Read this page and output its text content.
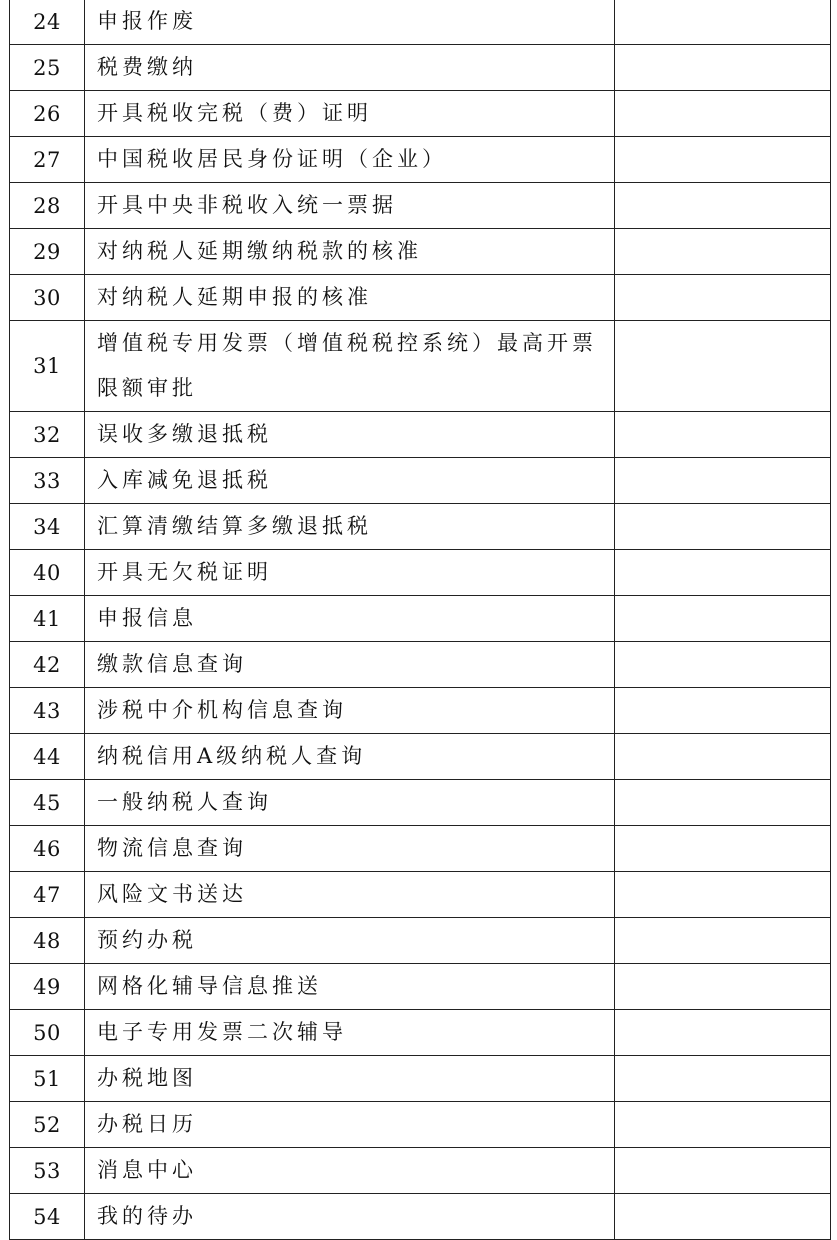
24	申报作废	
25	税费缴纳	
26	开具税收完税（费）证明	
27	中国税收居民身份证明（企业）	
28	开具中央非税收入统一票据	
29	对纳税人延期缴纳税款的核准	
30	对纳税人延期申报的核准	
31	增值税专用发票（增值税税控系统）最高开票限额审批	
32	误收多缴退抵税	
33	入库减免退抵税	
34	汇算清缴结算多缴退抵税	
40	开具无欠税证明	
41	申报信息	
42	缴款信息查询	
43	涉税中介机构信息查询	
44	纳税信用A级纳税人查询	
45	一般纳税人查询	
46	物流信息查询	
47	风险文书送达	
48	预约办税	
49	网格化辅导信息推送	
50	电子专用发票二次辅导	
51	办税地图	
52	办税日历	
53	消息中心	
54	我的待办	
